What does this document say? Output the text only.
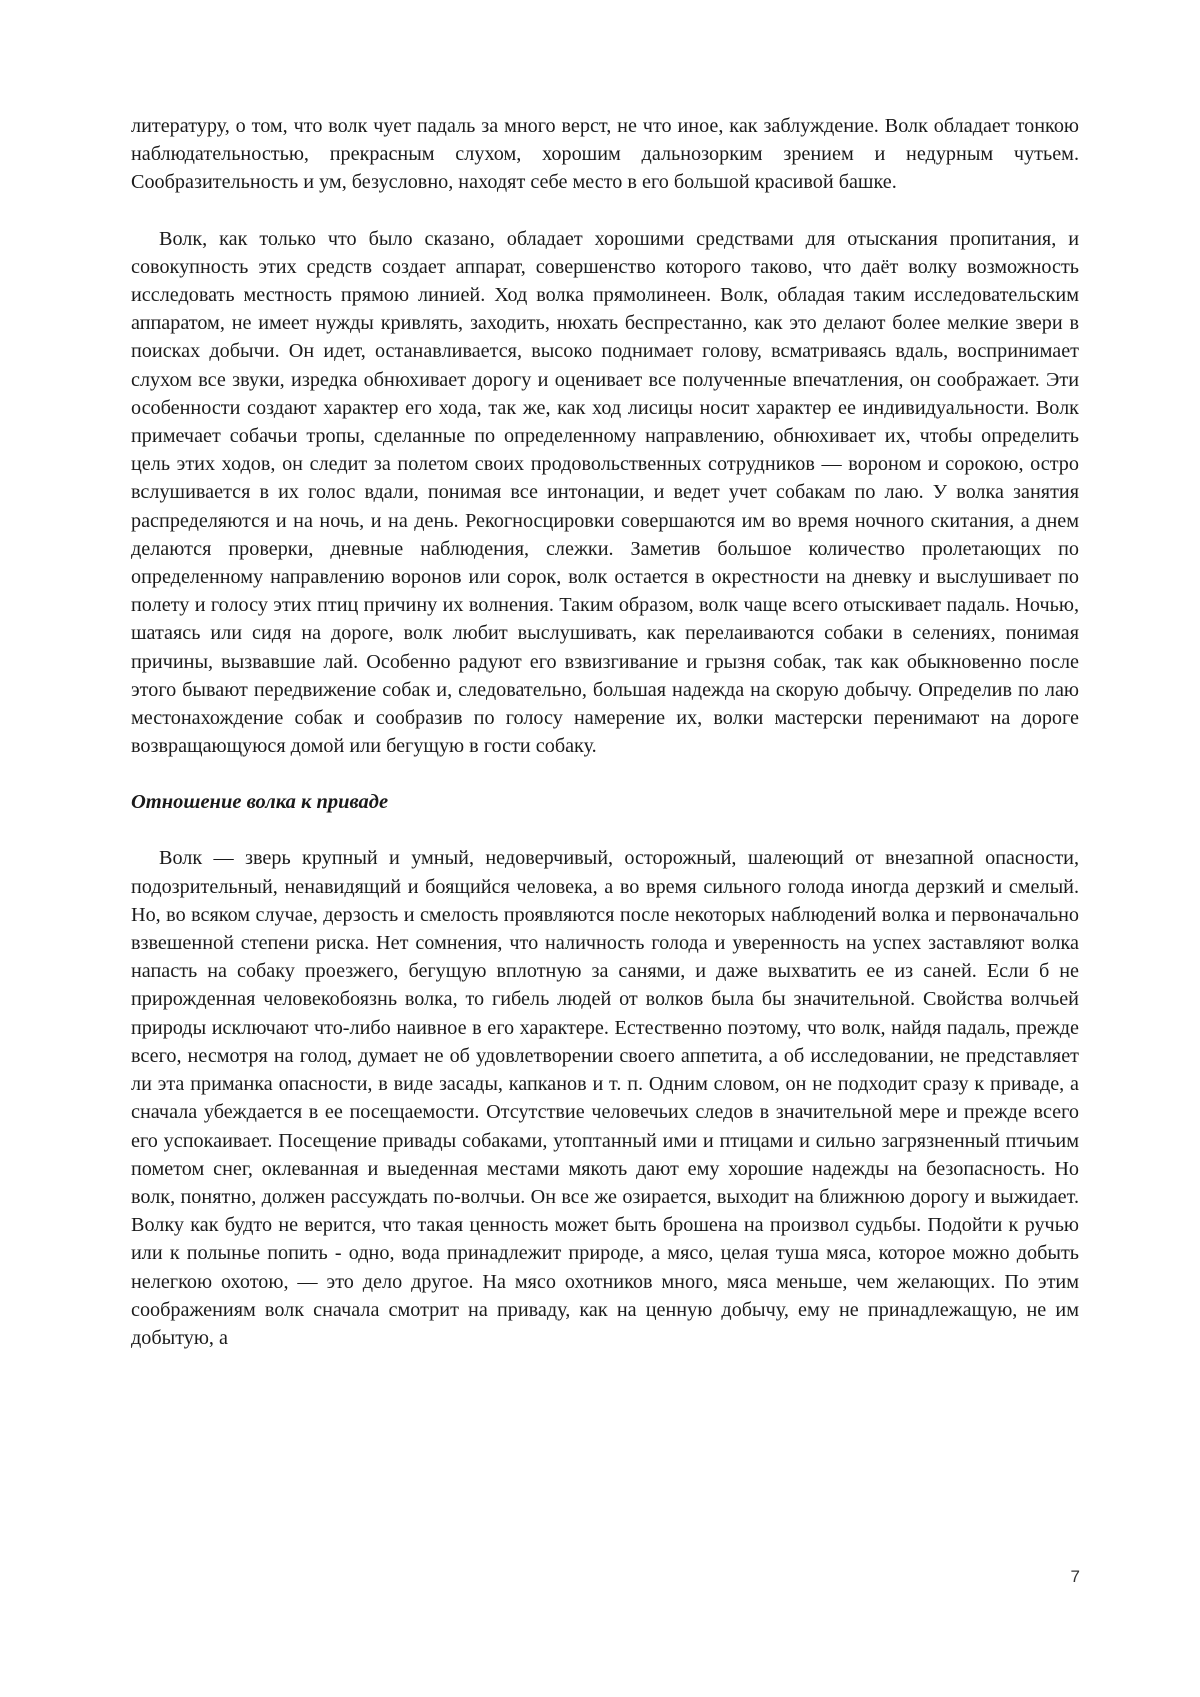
литературу, о том, что волк чует падаль за много верст, не что иное, как заблуждение. Волк обладает тонкою наблюдательностью, прекрасным слухом, хорошим дальнозорким зрением и недурным чутьем. Сообразительность и ум, безусловно, находят себе место в его большой красивой башке.

Волк, как только что было сказано, обладает хорошими средствами для отыскания пропитания, и совокупность этих средств создает аппарат, совершенство которого таково, что даёт волку возможность исследовать местность прямою линией. Ход волка прямолинеен. Волк, обладая таким исследовательским аппаратом, не имеет нужды кривлять, заходить, нюхать беспрестанно, как это делают более мелкие звери в поисках добычи. Он идет, останавливается, высоко поднимает голову, всматриваясь вдаль, воспринимает слухом все звуки, изредка обнюхивает дорогу и оценивает все полученные впечатления, он соображает. Эти особенности создают характер его хода, так же, как ход лисицы носит характер ее индивидуальности. Волк примечает собачьи тропы, сделанные по определенному направлению, обнюхивает их, чтобы определить цель этих ходов, он следит за полетом своих продовольственных сотрудников — вороном и сорокою, остро вслушивается в их голос вдали, понимая все интонации, и ведет учет собакам по лаю. У волка занятия распределяются и на ночь, и на день. Рекогносцировки совершаются им во время ночного скитания, а днем делаются проверки, дневные наблюдения, слежки. Заметив большое количество пролетающих по определенному направлению воронов или сорок, волк остается в окрестности на дневку и выслушивает по полету и голосу этих птиц причину их волнения. Таким образом, волк чаще всего отыскивает падаль. Ночью, шатаясь или сидя на дороге, волк любит выслушивать, как перелаиваются собаки в селениях, понимая причины, вызвавшие лай. Особенно радуют его взвизгивание и грызня собак, так как обыкновенно после этого бывают передвижение собак и, следовательно, большая надежда на скорую добычу. Определив по лаю местонахождение собак и сообразив по голосу намерение их, волки мастерски перенимают на дороге возвращающуюся домой или бегущую в гости собаку.

Отношение волка к приваде

Волк — зверь крупный и умный, недоверчивый, осторожный, шалеющий от внезапной опасности, подозрительный, ненавидящий и боящийся человека, а во время сильного голода иногда дерзкий и смелый. Но, во всяком случае, дерзость и смелость проявляются после некоторых наблюдений волка и первоначально взвешенной степени риска. Нет сомнения, что наличность голода и уверенность на успех заставляют волка напасть на собаку проезжего, бегущую вплотную за санями, и даже выхватить ее из саней. Если б не прирожденная человекобоязнь волка, то гибель людей от волков была бы значительной. Свойства волчьей природы исключают что-либо наивное в его характере. Естественно поэтому, что волк, найдя падаль, прежде всего, несмотря на голод, думает не об удовлетворении своего аппетита, а об исследовании, не представляет ли эта приманка опасности, в виде засады, капканов и т. п. Одним словом, он не подходит сразу к приваде, а сначала убеждается в ее посещаемости. Отсутствие человечьих следов в значительной мере и прежде всего его успокаивает. Посещение привады собаками, утоптанный ими и птицами и сильно загрязненный птичьим пометом снег, оклеванная и выеденная местами мякоть дают ему хорошие надежды на безопасность. Но волк, понятно, должен рассуждать по-волчьи. Он все же озирается, выходит на ближнюю дорогу и выжидает. Волку как будто не верится, что такая ценность может быть брошена на произвол судьбы. Подойти к ручью или к полынье попить - одно, вода принадлежит природе, а мясо, целая туша мяса, которое можно добыть нелегкою охотою, — это дело другое. На мясо охотников много, мяса меньше, чем желающих. По этим соображениям волк сначала смотрит на приваду, как на ценную добычу, ему не принадлежащую, не им добытую, а

7
